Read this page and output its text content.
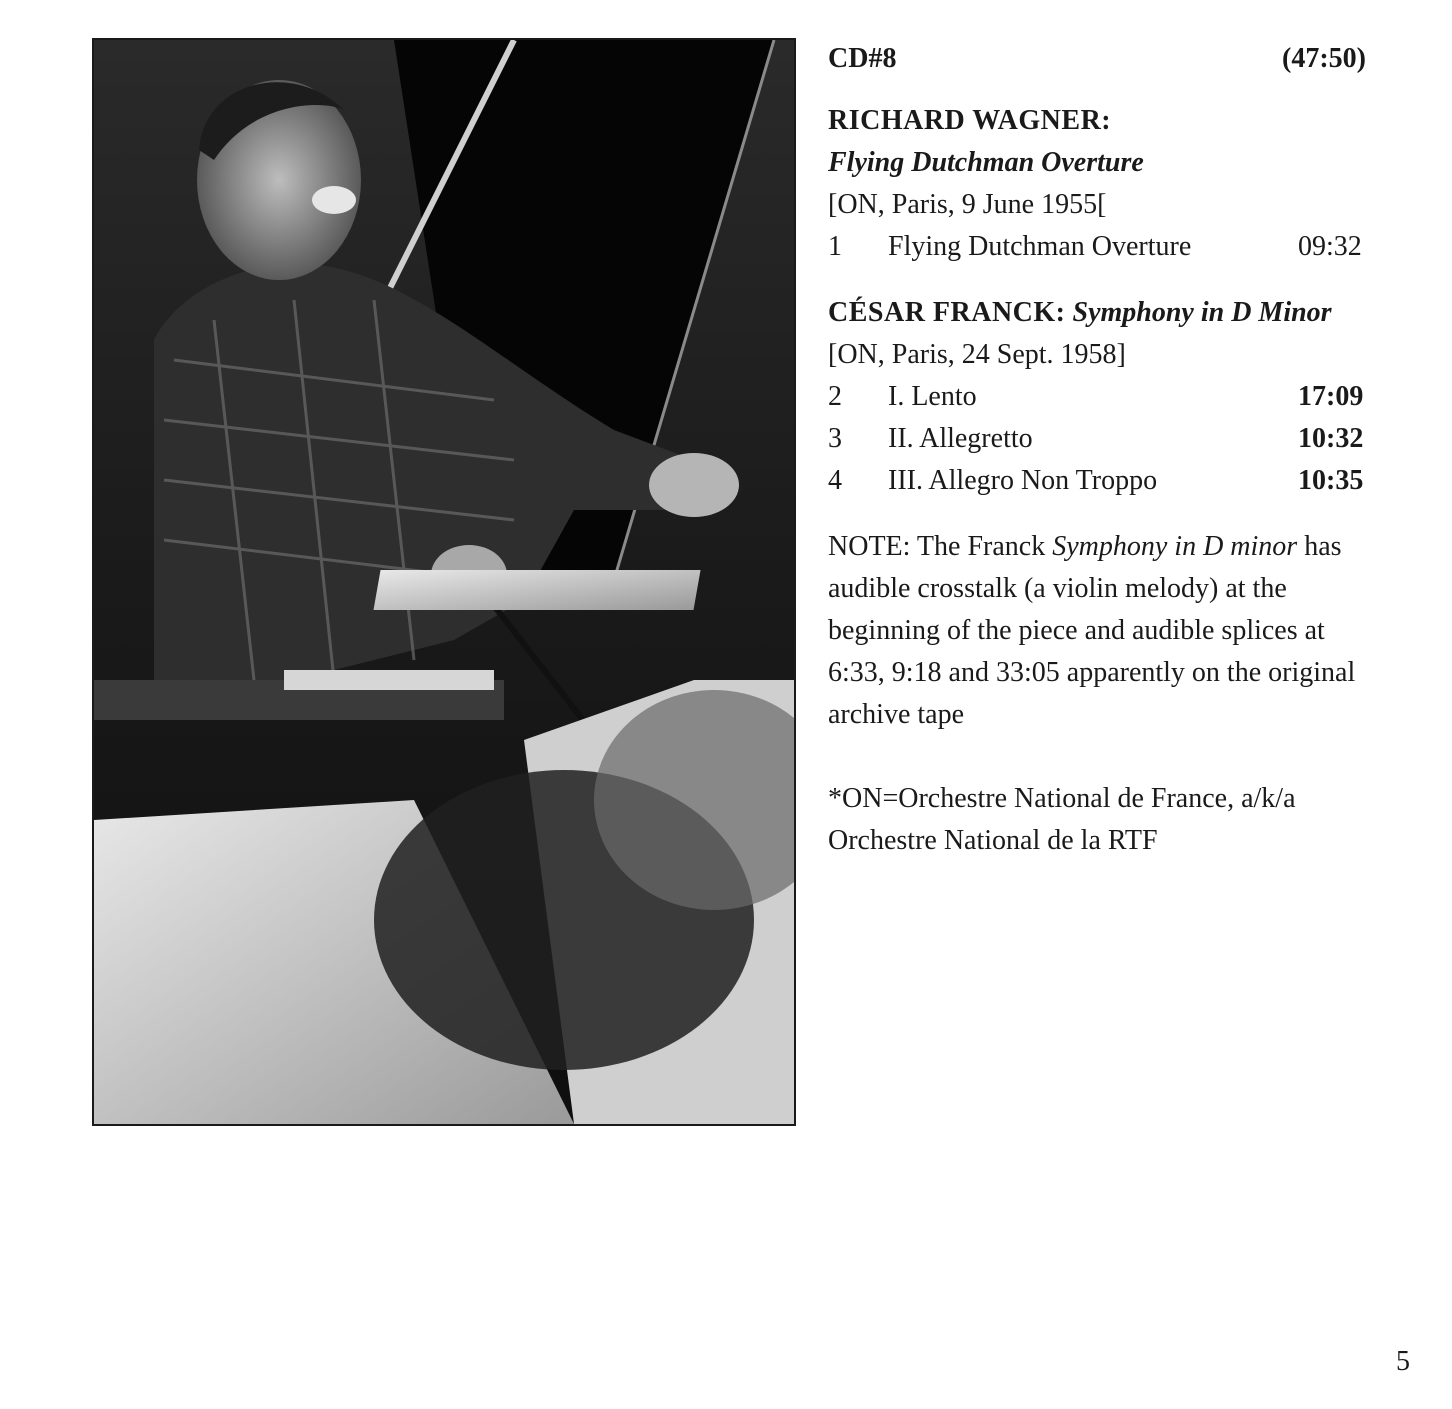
CD#8	(47:50)
RICHARD WAGNER:
Flying Dutchman Overture
[ON, Paris, 9 June 1955[
1	Flying Dutchman Overture	09:32
CÉSAR FRANCK: Symphony in D Minor
[ON, Paris, 24 Sept. 1958]
2	I. Lento	17:09
3	II. Allegretto	10:32
4	III. Allegro Non Troppo	10:35
NOTE: The Franck Symphony in D minor has audible crosstalk (a violin melody) at the beginning of the piece and audible splices at 6:33, 9:18 and 33:05 apparently on the original archive tape
*ON=Orchestre National de France, a/k/a Orchestre National de la RTF
5
